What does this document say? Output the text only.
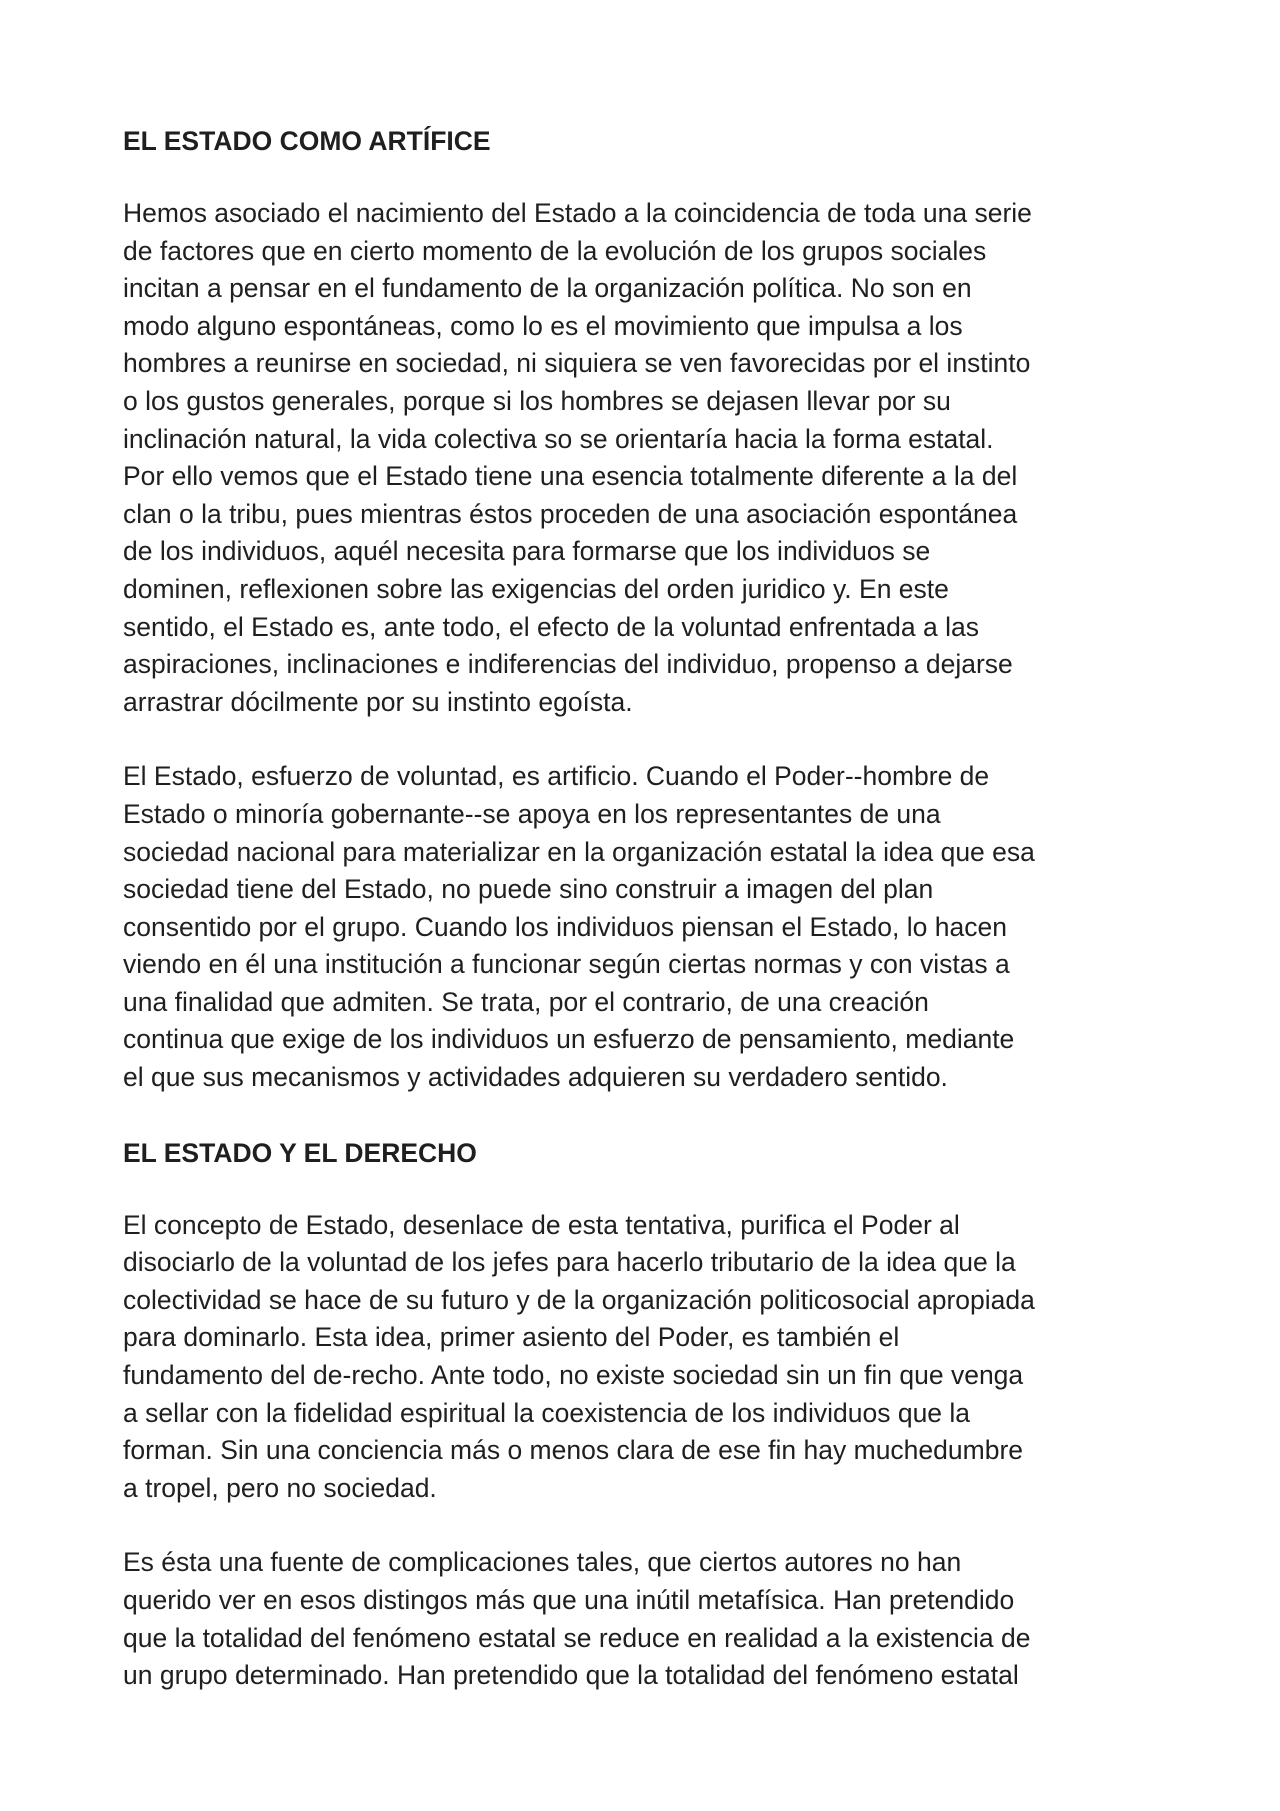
EL ESTADO COMO ARTÍFICE

Hemos asociado el nacimiento del Estado a la coincidencia de toda una serie
de factores que en cierto momento de la evolución de los grupos sociales
incitan a pensar en el fundamento de la organización política. No son en
modo alguno espontáneas, como lo es el movimiento que impulsa a los
hombres a reunirse en sociedad, ni siquiera se ven favorecidas por el instinto
o los gustos generales, porque si los hombres se dejasen llevar por su
inclinación natural, la vida colectiva so se orientaría hacia la forma estatal.
Por ello vemos que el Estado tiene una esencia totalmente diferente a la del
clan o la tribu, pues mientras éstos proceden de una asociación espontánea
de los individuos, aquél necesita para formarse que los individuos se
dominen, reflexionen sobre las exigencias del orden juridico y. En este
sentido, el Estado es, ante todo, el efecto de la voluntad enfrentada a las
aspiraciones, inclinaciones e indiferencias del individuo, propenso a dejarse
arrastrar dócilmente por su instinto egoísta.

El Estado, esfuerzo de voluntad, es artificio. Cuando el Poder--hombre de
Estado o minoría gobernante--se apoya en los representantes de una
sociedad nacional para materializar en la organización estatal la idea que esa
sociedad tiene del Estado, no puede sino construir a imagen del plan
consentido por el grupo. Cuando los individuos piensan el Estado, lo hacen
viendo en él una institución a funcionar según ciertas normas y con vistas a
una finalidad que admiten. Se trata, por el contrario, de una creación
continua que exige de los individuos un esfuerzo de pensamiento, mediante
el que sus mecanismos y actividades adquieren su verdadero sentido.

EL ESTADO Y EL DERECHO

El concepto de Estado, desenlace de esta tentativa, purifica el Poder al
disociarlo de la voluntad de los jefes para hacerlo tributario de la idea que la
colectividad se hace de su futuro y de la organización politicosocial apropiada
para dominarlo. Esta idea, primer asiento del Poder, es también el
fundamento del de-recho. Ante todo, no existe sociedad sin un fin que venga
a sellar con la fidelidad espiritual la coexistencia de los individuos que la
forman. Sin una conciencia más o menos clara de ese fin hay muchedumbre
a tropel, pero no sociedad.

Es ésta una fuente de complicaciones tales, que ciertos autores no han
querido ver en esos distingos más que una inútil metafísica. Han pretendido
que la totalidad del fenómeno estatal se reduce en realidad a la existencia de
un grupo determinado. Han pretendido que la totalidad del fenómeno estatal
